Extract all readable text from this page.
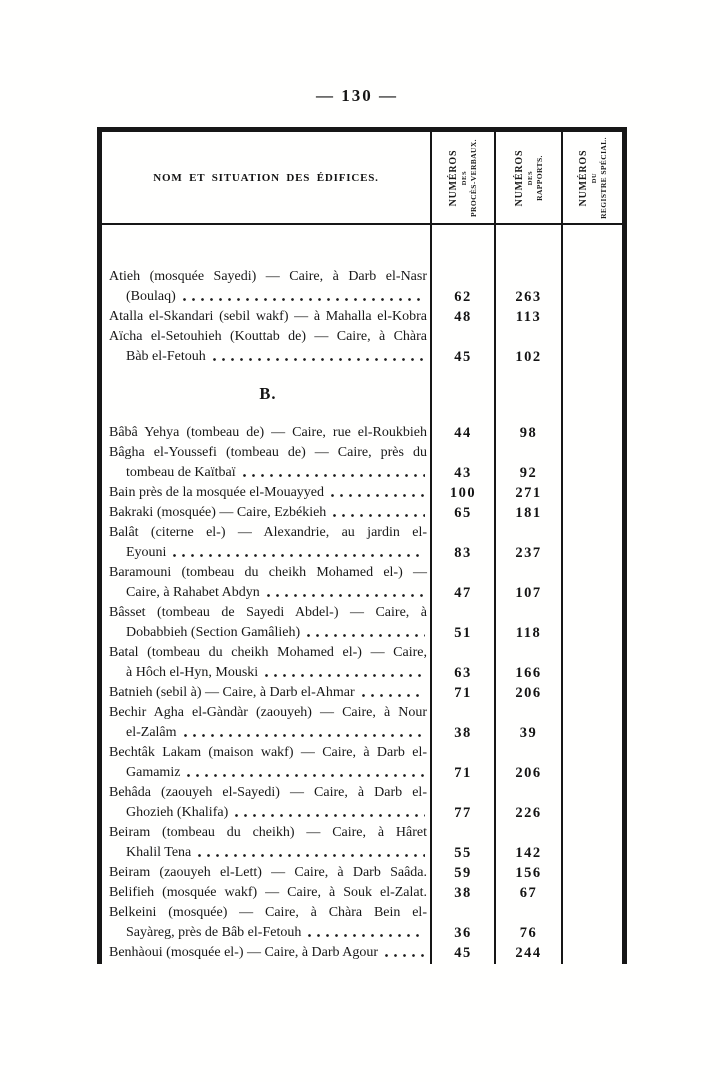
— 130 —
NOM ET SITUATION DES ÉDIFICES.	NUMÉROS DES PROCÈS-VERBAUX.	NUMÉROS DES RAPPORTS.	NUMÉROS DU REGISTRE SPÉCIAL.
Atieh (mosquée Sayedi) — Caire, à Darb el-Nasr
(Boulaq)	62	263
Atalla el-Skandari (sebil wakf) — à Mahalla el-Kobra	48	113
Aïcha el-Setouhieh (Kouttab de) — Caire, à Chàra
Bàb el-Fetouh	45	102
B.
Bâbâ Yehya (tombeau de) — Caire, rue el-Roukbieh	44	98
Bâgha el-Youssefi (tombeau de) — Caire, près du
tombeau de Kaïtbaï	43	92
Bain près de la mosquée el-Mouayyed	100	271
Bakraki (mosquée) — Caire, Ezbékieh	65	181
Balât (citerne el-) — Alexandrie, au jardin el-
Eyouni	83	237
Baramouni (tombeau du cheikh Mohamed el-) —
Caire, à Rahabet Abdyn	47	107
Bâsset (tombeau de Sayedi Abdel-) — Caire, à
Dobabbieh (Section Gamâlieh)	51	118
Batal (tombeau du cheikh Mohamed el-) — Caire,
à Hôch el-Hyn, Mouski	63	166
Batnieh (sebil à) — Caire, à Darb el-Ahmar	71	206
Bechir Agha el-Gàndàr (zaouyeh) — Caire, à Nour
el-Zalâm	38	39
Bechtâk Lakam (maison wakf) — Caire, à Darb el-
Gamamiz	71	206
Behâda (zaouyeh el-Sayedi) — Caire, à Darb el-
Ghozieh (Khalifa)	77	226
Beiram (tombeau du cheikh) — Caire, à Hâret
Khalil Tena	55	142
Beiram (zaouyeh el-Lett) — Caire, à Darb Saâda.	59	156
Belifieh (mosquée wakf) — Caire, à Souk el-Zalat.	38	67
Belkeini (mosquée) — Caire, à Chàra Bein el-
Sayàreg, près de Bâb el-Fetouh	36	76
Benhàoui (mosquée el-) — Caire, à Darb Agour	45	244
